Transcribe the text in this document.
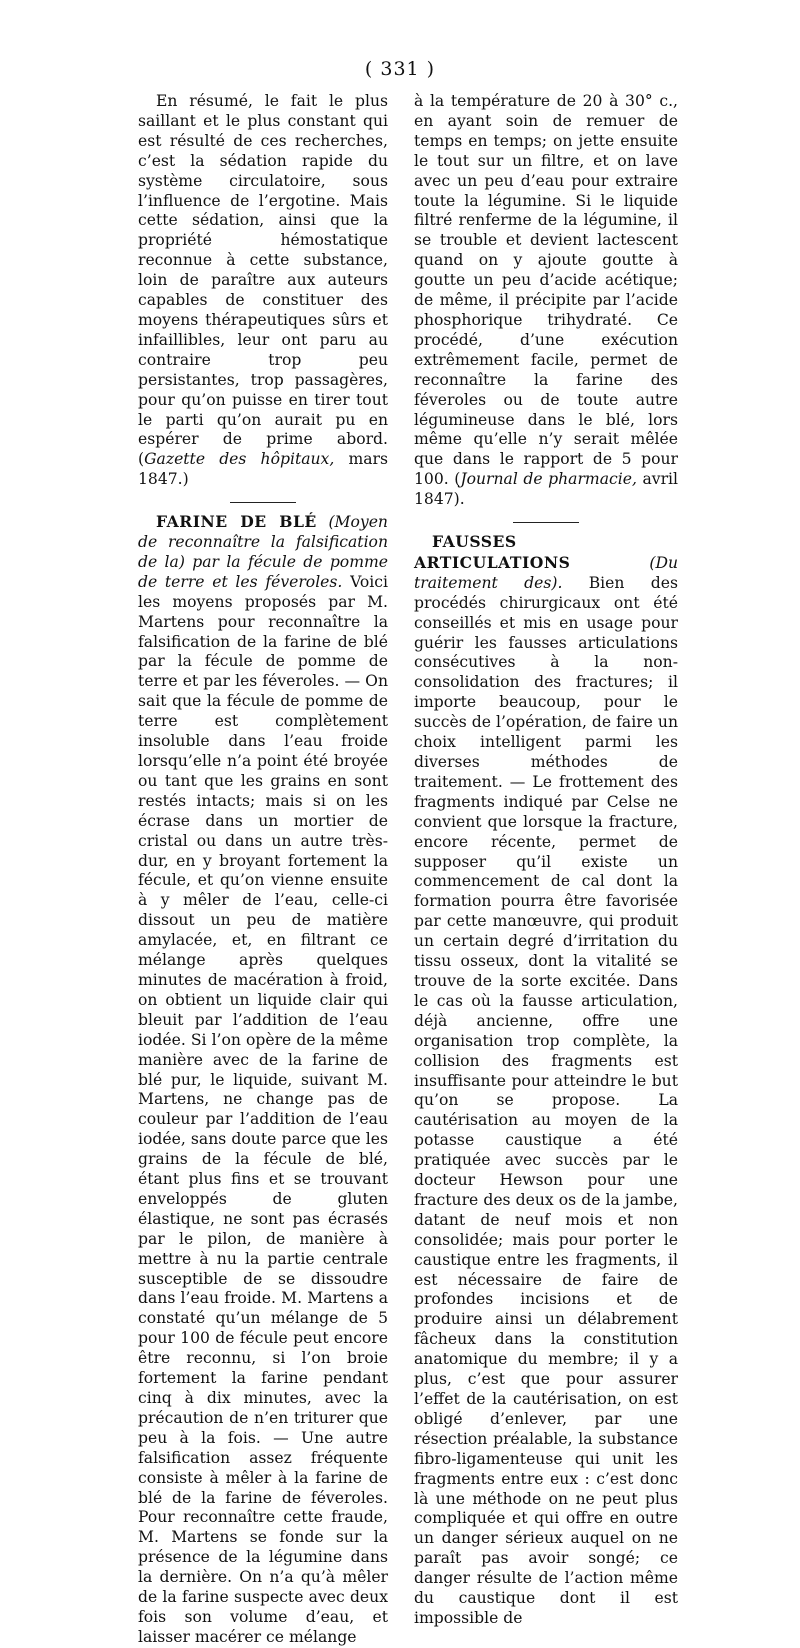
( 331 )

En résumé, le fait le plus saillant et le plus constant qui est résulté de ces recherches, c’est la sédation rapide du système circulatoire, sous l’influence de l’ergotine. Mais cette sédation, ainsi que la propriété hémostatique reconnue à cette substance, loin de paraître aux auteurs capables de constituer des moyens thérapeutiques sûrs et infaillibles, leur ont paru au contraire trop peu persistantes, trop passagères, pour qu’on puisse en tirer tout le parti qu’on aurait pu en espérer de prime abord. (Gazette des hôpitaux, mars 1847.)

FARINE DE BLÉ (Moyen de reconnaître la falsification de la) par la fécule de pomme de terre et les féveroles. Voici les moyens proposés par M. Martens pour reconnaître la falsification de la farine de blé par la fécule de pomme de terre et par les féveroles. — On sait que la fécule de pomme de terre est complètement insoluble dans l’eau froide lorsqu’elle n’a point été broyée ou tant que les grains en sont restés intacts; mais si on les écrase dans un mortier de cristal ou dans un autre très-dur, en y broyant fortement la fécule, et qu’on vienne ensuite à y mêler de l’eau, celle-ci dissout un peu de matière amylacée, et, en filtrant ce mélange après quelques minutes de macération à froid, on obtient un liquide clair qui bleuit par l’addition de l’eau iodée. Si l’on opère de la même manière avec de la farine de blé pur, le liquide, suivant M. Martens, ne change pas de couleur par l’addition de l’eau iodée, sans doute parce que les grains de la fécule de blé, étant plus fins et se trouvant enveloppés de gluten élastique, ne sont pas écrasés par le pilon, de manière à mettre à nu la partie centrale susceptible de se dissoudre dans l’eau froide. M. Martens a constaté qu’un mélange de 5 pour 100 de fécule peut encore être reconnu, si l’on broie fortement la farine pendant cinq à dix minutes, avec la précaution de n’en triturer que peu à la fois. — Une autre falsification assez fréquente consiste à mêler à la farine de blé de la farine de féveroles. Pour reconnaître cette fraude, M. Martens se fonde sur la présence de la légumine dans la dernière. On n’a qu’à mêler de la farine suspecte avec deux fois son volume d’eau, et laisser macérer ce mélange

à la température de 20 à 30° c., en ayant soin de remuer de temps en temps; on jette ensuite le tout sur un filtre, et on lave avec un peu d’eau pour extraire toute la légumine. Si le liquide filtré renferme de la légumine, il se trouble et devient lactescent quand on y ajoute goutte à goutte un peu d’acide acétique; de même, il précipite par l’acide phosphorique trihydraté. Ce procédé, d’une exécution extrêmement facile, permet de reconnaître la farine des féveroles ou de toute autre légumineuse dans le blé, lors même qu’elle n’y serait mêlée que dans le rapport de 5 pour 100. (Journal de pharmacie, avril 1847).

FAUSSES ARTICULATIONS	(Du traitement des). Bien des procédés chirurgicaux ont été conseillés et mis en usage pour guérir les fausses articulations consécutives à la non-consolidation des fractures; il importe beaucoup, pour le succès de l’opération, de faire un choix intelligent parmi les diverses méthodes de traitement. — Le frottement des fragments indiqué par Celse ne convient que lorsque la fracture, encore récente, permet de supposer qu’il existe un commencement de cal dont la formation pourra être favorisée par cette manœuvre, qui produit un certain degré d’irritation du tissu osseux, dont la vitalité se trouve de la sorte excitée. Dans le cas où la fausse articulation, déjà ancienne, offre une organisation trop complète, la collision des fragments est insuffisante pour atteindre le but qu’on se propose. La cautérisation au moyen de la potasse caustique a été pratiquée avec succès par le docteur Hewson pour une fracture des deux os de la jambe, datant de neuf mois et non consolidée; mais pour porter le caustique entre les fragments, il est nécessaire de faire de profondes incisions et de produire ainsi un délabrement fâcheux dans la constitution anatomique du membre; il y a plus, c’est que pour assurer l’effet de la cautérisation, on est obligé d’enlever, par une résection préalable, la substance fibro-ligamenteuse qui unit les fragments entre eux : c’est donc là une méthode on ne peut plus compliquée et qui offre en outre un danger sérieux auquel on ne paraît pas avoir songé; ce danger résulte de l’action même du caustique dont il est impossible de
